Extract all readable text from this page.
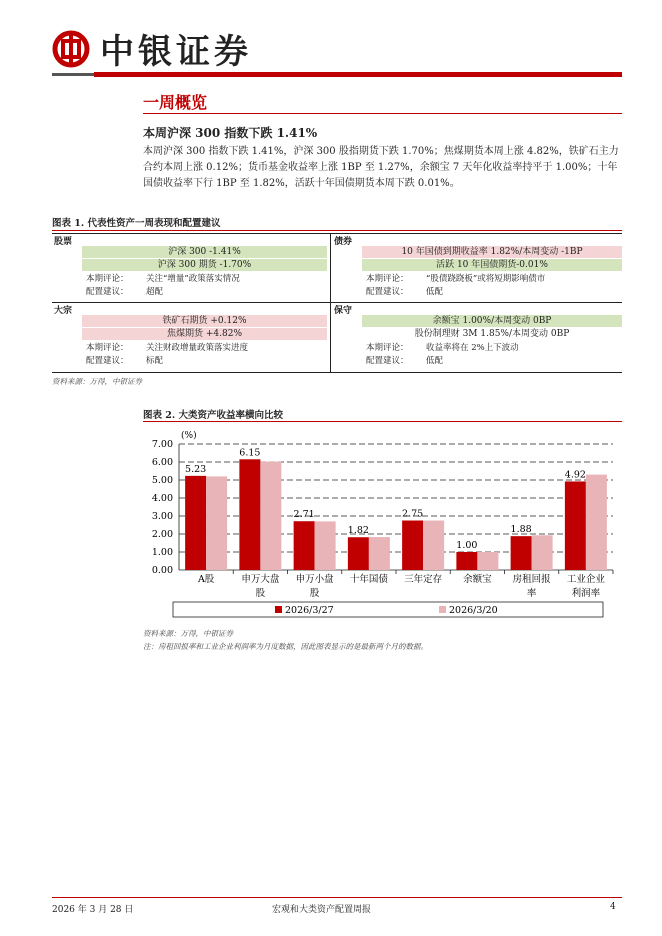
中银证券
一周概览
本周沪深 300 指数下跌 1.41%
本周沪深 300 指数下跌 1.41%，沪深 300 股指期货下跌 1.70%；焦煤期货本周上涨 4.82%，铁矿石主力合约本周上涨 0.12%；货币基金收益率上涨 1BP 至 1.27%，余额宝 7 天年化收益率持平于 1.00%；十年国债收益率下行 1BP 至 1.82%，活跃十年国债期货本周下跌 0.01%。
图表 1. 代表性资产一周表现和配置建议
股票
沪深 300 -1.41%
沪深 300 期货 -1.70%
本期评论： 关注“增量”政策落实情况
配置建议： 超配
债券
10 年国债到期收益率 1.82%/本周变动 -1BP
活跃 10 年国债期货-0.01%
本期评论： “股债跷跷板”或将短期影响债市
配置建议： 低配
大宗
铁矿石期货 +0.12%
焦煤期货 +4.82%
本期评论： 关注财政增量政策落实进度
配置建议： 标配
保守
余额宝 1.00%/本周变动 0BP
股份制理财 3M 1.85%/本周变动 0BP
本期评论： 收益率将在 2%上下波动
配置建议： 低配
资料来源：万得，中银证券
图表 2. 大类资产收益率横向比较
(%)
0.00
1.00
2.00
3.00
4.00
5.00
6.00
7.00
5.23
A股
6.15
申万大盘
股
2.71
申万小盘
股
1.82
十年国债
2.75
三年定存
1.00
余额宝
1.88
房租回报
率
4.92
工业企业
利润率
2026/3/27	2026/3/20
资料来源：万得，中银证券
注：房租回报率和工业企业利润率为月度数据，因此图表显示的是最新两个月的数据。
2026 年 3 月 28 日	宏观和大类资产配置周报	4
